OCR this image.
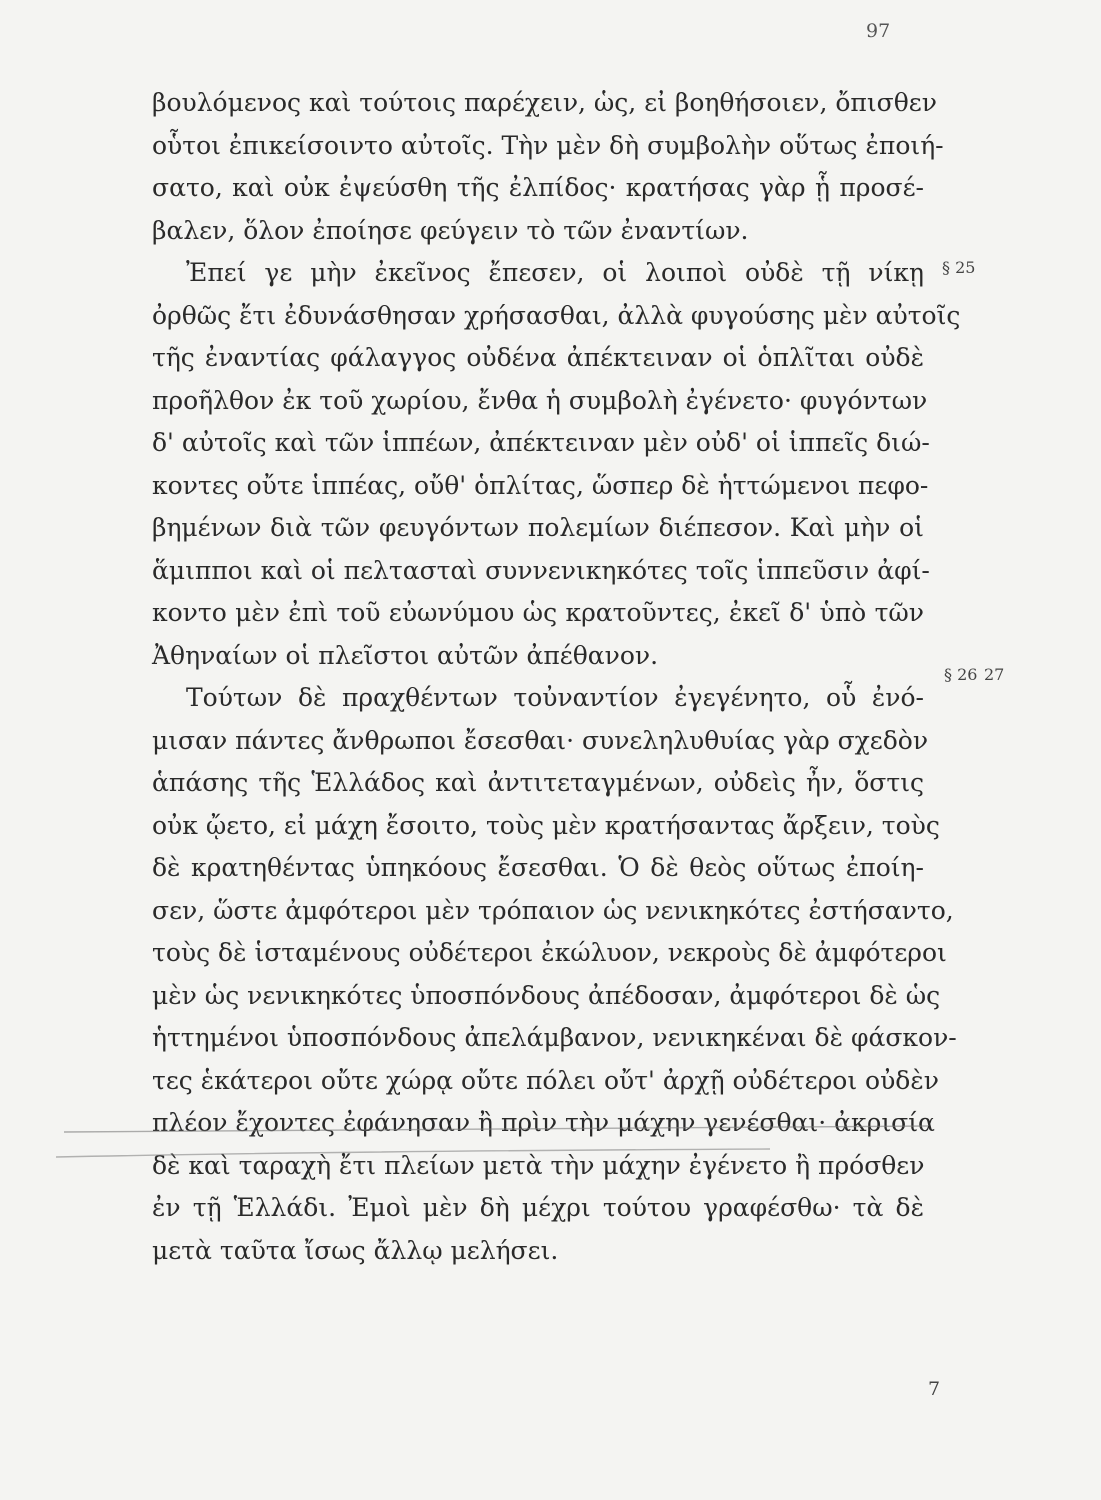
97
βουλόμενος καὶ τούτοις παρέχειν, ὡς, εἰ βοηθήσοιεν, ὄπισθεν
οὗτοι ἐπικείσοιντο αὐτοῖς. Τὴν μὲν δὴ συμβολὴν οὕτως ἐποιή-
σατο, καὶ οὐκ ἐψεύσθη τῆς ἐλπίδος· κρατήσας γὰρ ᾗ προσέ-
βαλεν, ὅλον ἐποίησε φεύγειν τὸ τῶν ἐναντίων.
Ἐπεί γε μὴν ἐκεῖνος ἔπεσεν, οἱ λοιποὶ οὐδὲ τῇ νίκῃ
ὀρθῶς ἔτι ἐδυνάσθησαν χρήσασθαι, ἀλλὰ φυγούσης μὲν αὐτοῖς
τῆς ἐναντίας φάλαγγος οὐδένα ἀπέκτειναν οἱ ὁπλῖται οὐδὲ
προῆλθον ἐκ τοῦ χωρίου, ἔνθα ἡ συμβολὴ ἐγένετο· φυγόντων
δ' αὐτοῖς καὶ τῶν ἱππέων, ἀπέκτειναν μὲν οὐδ' οἱ ἱππεῖς διώ-
κοντες οὔτε ἱππέας, οὔθ' ὁπλίτας, ὥσπερ δὲ ἡττώμενοι πεφο-
βημένων διὰ τῶν φευγόντων πολεμίων διέπεσον. Καὶ μὴν οἱ
ἅμιπποι καὶ οἱ πελτασταὶ συννενικηκότες τοῖς ἱππεῦσιν ἀφί-
κοντο μὲν ἐπὶ τοῦ εὐωνύμου ὡς κρατοῦντες, ἐκεῖ δ' ὑπὸ τῶν
Ἀθηναίων οἱ πλεῖστοι αὐτῶν ἀπέθανον.
Τούτων δὲ πραχθέντων τοὐναντίον ἐγεγένητο, οὗ ἐνό-
μισαν πάντες ἄνθρωποι ἔσεσθαι· συνεληλυθυίας γὰρ σχεδὸν
ἁπάσης τῆς Ἑλλάδος καὶ ἀντιτεταγμένων, οὐδεὶς ἦν, ὅστις
οὐκ ᾤετο, εἰ μάχη ἔσοιτο, τοὺς μὲν κρατήσαντας ἄρξειν, τοὺς
δὲ κρατηθέντας ὑπηκόους ἔσεσθαι. Ὁ δὲ θεὸς οὕτως ἐποίη-
σεν, ὥστε ἀμφότεροι μὲν τρόπαιον ὡς νενικηκότες ἐστήσαντο,
τοὺς δὲ ἱσταμένους οὐδέτεροι ἐκώλυον, νεκροὺς δὲ ἀμφότεροι
μὲν ὡς νενικηκότες ὑποσπόνδους ἀπέδοσαν, ἀμφότεροι δὲ ὡς
ἡττημένοι ὑποσπόνδους ἀπελάμβανον, νενικηκέναι δὲ φάσκον-
τες ἑκάτεροι οὔτε χώρᾳ οὔτε πόλει οὔτ' ἀρχῇ οὐδέτεροι οὐδὲν
πλέον ἔχοντες ἐφάνησαν ἢ πρὶν τὴν μάχην γενέσθαι· ἀκρισία
δὲ καὶ ταραχὴ ἔτι πλείων μετὰ τὴν μάχην ἐγένετο ἢ πρόσθεν
ἐν τῇ Ἑλλάδι. Ἐμοὶ μὲν δὴ μέχρι τούτου γραφέσθω· τὰ δὲ
μετὰ ταῦτα ἴσως ἄλλῳ μελήσει.
§ 25
§ 26 27
7
